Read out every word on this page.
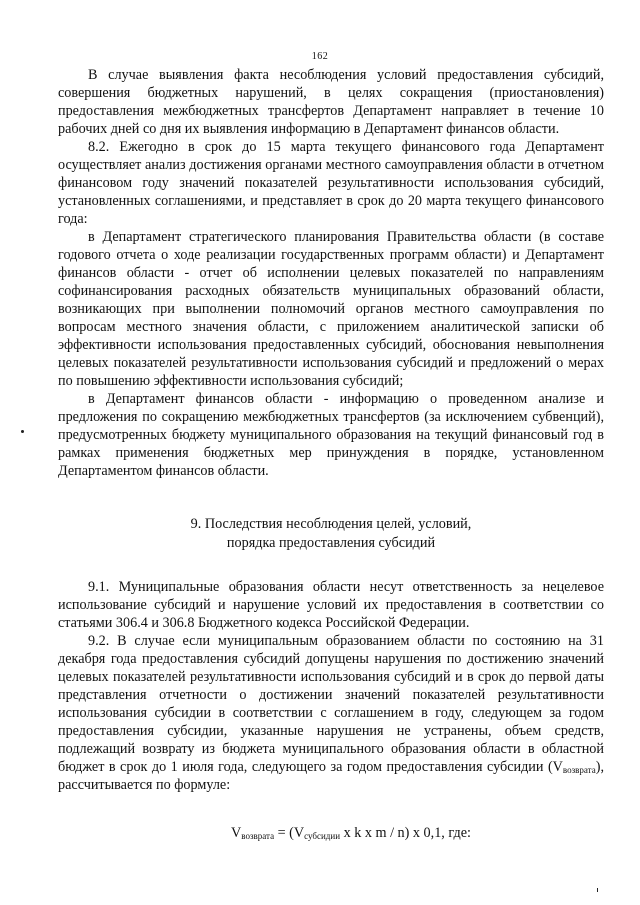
162

В случае выявления факта несоблюдения условий предоставления субсидий, совершения бюджетных нарушений, в целях сокращения (приостановления) предоставления межбюджетных трансфертов Департамент направляет в течение 10 рабочих дней со дня их выявления информацию в Департамент финансов области.

8.2. Ежегодно в срок до 15 марта текущего финансового года Департамент осуществляет анализ достижения органами местного самоуправления области в отчетном финансовом году значений показателей результативности использования субсидий, установленных соглашениями, и представляет в срок до 20 марта текущего финансового года:

в Департамент стратегического планирования Правительства области (в составе годового отчета о ходе реализации государственных программ области) и Департамент финансов области - отчет об исполнении целевых показателей по направлениям софинансирования расходных обязательств муниципальных образований области, возникающих при выполнении полномочий органов местного самоуправления по вопросам местного значения области, с приложением аналитической записки об эффективности использования предоставленных субсидий, обоснования невыполнения целевых показателей результативности использования субсидий и предложений о мерах по повышению эффективности использования субсидий;

в Департамент финансов области - информацию о проведенном анализе и предложения по сокращению межбюджетных трансфертов (за исключением субвенций), предусмотренных бюджету муниципального образования на текущий финансовый год в рамках применения бюджетных мер принуждения в порядке, установленном Департаментом финансов области.

9. Последствия несоблюдения целей, условий,
порядка предоставления субсидий

9.1. Муниципальные образования области несут ответственность за нецелевое использование субсидий и нарушение условий их предоставления в соответствии со статьями 306.4 и 306.8 Бюджетного кодекса Российской Федерации.

9.2. В случае если муниципальным образованием области по состоянию на 31 декабря года предоставления субсидий допущены нарушения по достижению значений целевых показателей результативности использования субсидий и в срок до первой даты представления отчетности о достижении значений показателей результативности использования субсидии в соответствии с соглашением в году, следующем за годом предоставления субсидии, указанные нарушения не устранены, объем средств, подлежащий возврату из бюджета муниципального образования области в областной бюджет в срок до 1 июля года, следующего за годом предоставления субсидии $(V_{возврата})$, рассчитывается по формуле:

$V_{возврата} = (V_{субсидии}$ x k x m / n) x 0,1, где:
